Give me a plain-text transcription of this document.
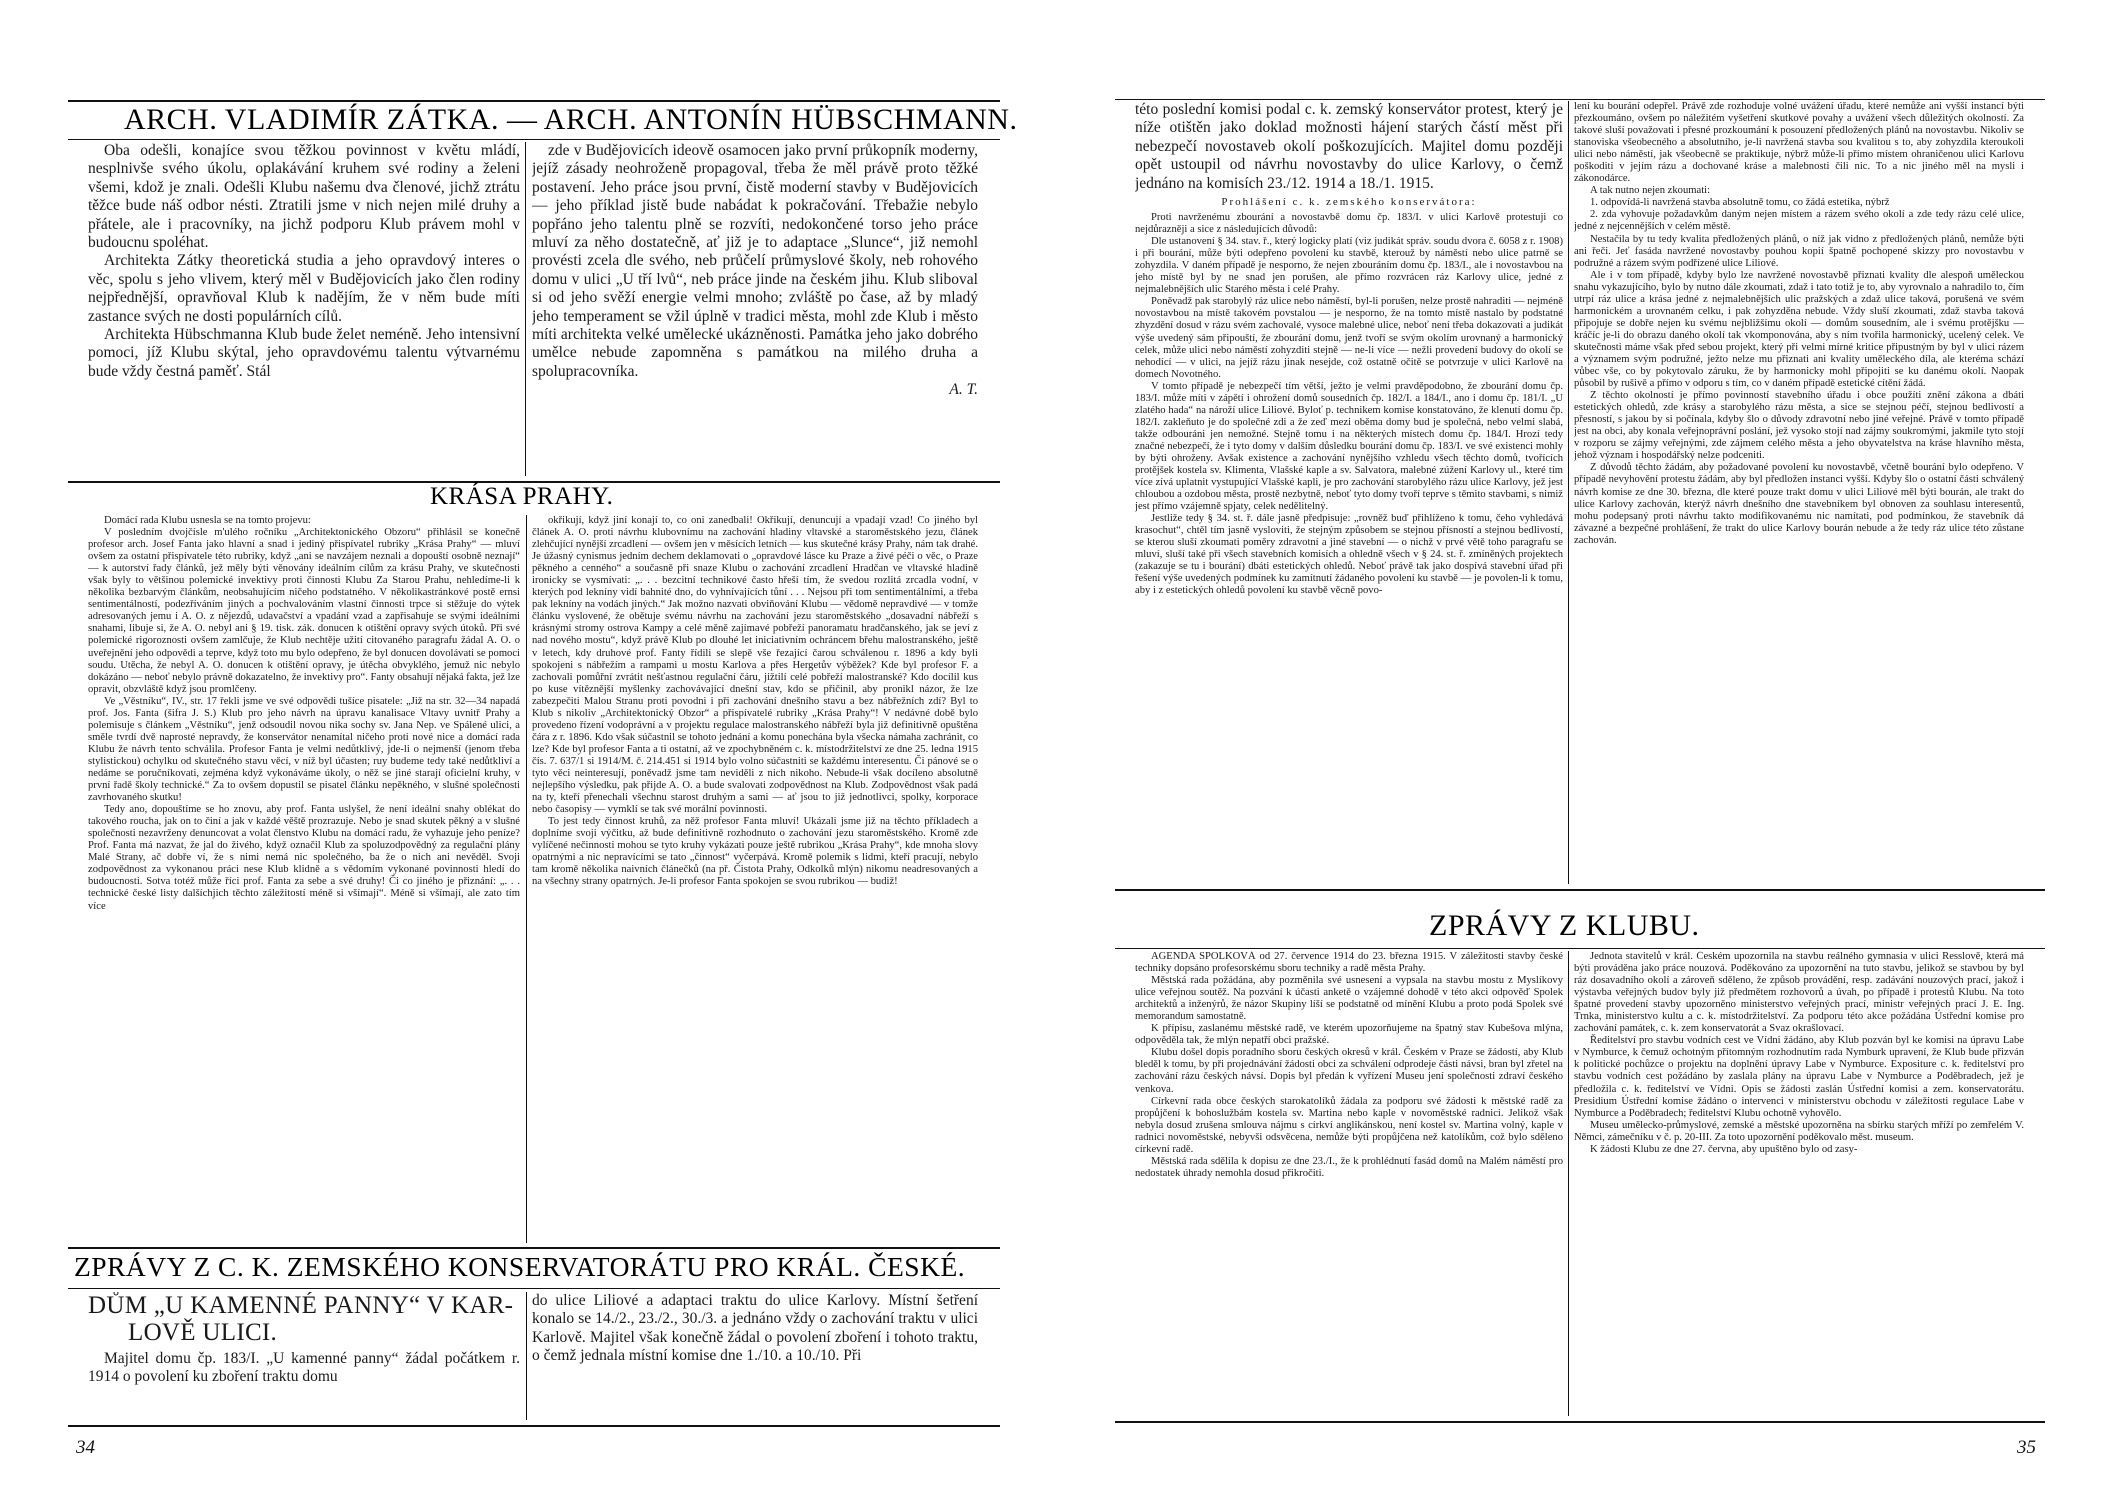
ARCH. VLADIMÍR ZÁTKA. — ARCH. ANTONÍN HÜBSCHMANN.

Oba odešli, konajíce svou těžkou povinnost v květu mládí, nesplnivše svého úkolu, oplakávání kruhem své rodiny a želeni všemi, kdož je znali. Odešli Klubu našemu dva členové, jichž ztrátu těžce bude náš odbor nésti. Ztratili jsme v nich nejen milé druhy a přátele, ale i pracovníky, na jichž podporu Klub právem mohl v budoucnu spoléhat.

Architekta Zátky theoretická studia a jeho opravdový interes o věc, spolu s jeho vlivem, který měl v Budějovicích jako člen rodiny nejpřednější, opravňoval Klub k nadějím, že v něm bude míti zastance svých ne dosti populárních cílů.

Architekta Hübschmanna Klub bude želet neméně. Jeho intensivní pomoci, jíž Klubu skýtal, jeho opravdovému talentu výtvarnému bude vždy čestná paměť. Stál

zde v Budějovicích ideově osamocen jako první průkopník moderny, jejíž zásady neohroženě propagoval, třeba že měl právě proto těžké postavení. Jeho práce jsou první, čistě moderní stavby v Budějovicích — jeho příklad jistě bude nabádat k pokračování. Třebažie nebylo popřáno jeho talentu plně se rozvíti, nedokončené torso jeho práce mluví za něho dostatečně, ať již je to adaptace „Slunce“, již nemohl provésti zcela dle svého, neb průčelí průmyslové školy, neb rohového domu v ulici „U tří lvů“, neb práce jinde na českém jihu. Klub sliboval si od jeho svěží energie velmi mnoho; zvláště po čase, až by mladý jeho temperament se vžil úplně v tradici města, mohl zde Klub i město míti architekta velké umělecké ukázněnosti. Památka jeho jako dobrého umělce nebude zapomněna s památkou na milého druha a spolupracovníka.

A. T.
KRÁSA PRAHY.

Domácí rada Klubu usnesla se na tomto projevu:

V posledním dvojčísle m'ulého ročníku „Architektonického Obzoru“ přihlásil se konečně profesor arch. Josef Fanta jako hlavní a snad i jediný přispívatel rubriky „Krása Prahy“ — mluví ovšem za ostatní přispívatele této rubriky, když „ani se navzájem neznali a dopouští osobně neznají“ — k autorství řady článků, jež měly býti věnovány ideálním cílům za krásu Prahy, ve skutečnosti však byly to většinou polemické invektivy proti činnosti Klubu Za Starou Prahu, nehledíme-li k několika bezbarvým článkům, neobsahujícím ničeho podstatného. V několikastránkové postě ernsi sentimentálností, podezříváním jiných a pochvalováním vlastní činnosti trpce si stěžuje do výtek adresovaných jemu i A. O. z nějezdů, udavačství a vpadání vzad a zapřisahuje se svými ideálními snahami, libuje si, že A. O. nebyl ani § 19. tisk. zák. donucen k otištění opravy svých útoků. Při své polemické rigoroznosti ovšem zamlčuje, že Klub nechtěje užití citovaného paragrafu žádal A. O. o uveřejnění jeho odpovědi a teprve, když toto mu bylo odepřeno, že byl donucen dovolávati se pomoci soudu. Utěcha, že nebyl A. O. donucen k otištění opravy, je útěcha obvyklého, jemuž nic nebylo dokázáno — neboť nebylo právně dokazatelno, že invektivy pro“. Fanty obsahují nějaká fakta, jež lze opravit, obzvláště když jsou promlčeny.

Ve „Věstníku“, IV., str. 17 řekli jsme ve své odpovědi tušíce pisatele: „Již na str. 32—34 napadá prof. Jos. Fanta (šifra J. S.) Klub pro jeho návrh na úpravu kanalisace Vltavy uvnitř Prahy a polemisuje s článkem „Věstníku“, jenž odsoudil novou nika sochy sv. Jana Nep. ve Spálené ulici, a směle tvrdí dvě naprosté nepravdy, že konservátor nenamítal ničeho proti nové nice a domácí rada Klubu že návrh tento schválila. Profesor Fanta je velmi nedůtklivý, jde-li o nejmenší (jenom třeba stylistickou) ochylku od skutečného stavu věcí, v níž byl účasten; ruy budeme tedy také nedůtkliví a nedáme se poručníkovati, zejména když vykonáváme úkoly, o něž se jiné starají oficielní kruhy, v první řadě školy technické.“ Za to ovšem dopustil se pisatel článku nepěkného, v slušné společnosti zavrhovaného skutku!

Tedy ano, dopouštíme se ho znovu, aby prof. Fanta uslyšel, že není ideální snahy oblékat do takového roucha, jak on to činí a jak v každé věště prozrazuje. Nebo je snad skutek pěkný a v slušné společnosti nezavrženy denuncovat a volat členstvo Klubu na domácí radu, že vyhazuje jeho peníze? Prof. Fanta má nazvat, že jal do živého, když označil Klub za spoluzodpovědný za regulační plány Malé Strany, ač dobře ví, že s nimi nemá nic společného, ba že o nich ani nevěděl. Svoji zodpovědnost za vykonanou práci nese Klub klidně a s vědomím vykonané povinnosti hledí do budoucnosti. Sotva totéž může říci prof. Fanta za sebe a své druhy! Či co jiného je přiznání: „. . . technické české listy dalšíchjich těchto záležitostí méně si všímají“. Méně si všímají, ale zato tím více

okřikují, když jiní konají to, co oni zanedbali! Okřikují, denuncují a vpadají vzad! Co jiného byl článek A. O. proti návrhu klubovnímu na zachování hladiny vltavské a staroměstského jezu, článek zlehčující nynější zrcadlení — ovšem jen v měsících letních — kus skutečné krásy Prahy, nám tak drahé. Je úžasný cynismus jedním dechem deklamovati o „opravdové lásce ku Praze a živé péči o věc, o Praze pěkného a cenného“ a současně při snaze Klubu o zachování zrcadlení Hradčan ve vltavské hladině ironicky se vysmívati: „. . . bezcitní technikové často hřeší tím, že svedou rozlitá zrcadla vodní, v kterých pod lekníny vidí bahnité dno, do vyhnívajících tůní . . . Nejsou při tom sentimentálními, a třeba pak lekníny na vodách jiných.“ Jak možno nazvati obviňování Klubu — vědomě nepravdivé — v tomže článku vyslovené, že obětuje svému návrhu na zachování jezu staroměstského „dosavadní nábřeží s krásnými stromy ostrova Kampy a celé měně zajímavé pobřeží panoramatu hradčanského, jak se jeví z nad nového mostu“, když právě Klub po dlouhé let iniciativním ochráncem břehu malostranského, ještě v letech, kdy druhové prof. Fanty řídili se slepě vše řezající čarou schválenou r. 1896 a kdy byli spokojeni s nábřežím a rampami u mostu Karlova a přes Hergetův výběžek? Kde byl profesor F. a zachovali pomůřní zvrátit nešťastnou regulační čáru, jižtilí celé pobřeží malostranské? Kdo docílil kus po kuse vítěznější myšlenky zachovávající dnešní stav, kdo se přičinil, aby pronikl názor, že lze zabezpečiti Malou Stranu proti povodni i při zachování dnešního stavu a bez nábřežních zdí? Byl to Klub s nikoliv „Architektonický Obzor“ a přispívatelé rubriky „Krása Prahy“! V nedávné době bylo provedeno řízení vodoprávní a v projektu regulace malostranského nábřeží byla již definitivně opuštěna čára z r. 1896. Kdo však súčastnil se tohoto jednání a komu ponechána byla všecka námaha zachránit, co lze? Kde byl profesor Fanta a ti ostatní, až ve zpochybněném c. k. místodržitelství ze dne 25. ledna 1915 čís. 7. 637/1 si 1914/M. č. 214.451 si 1914 bylo volno súčastniti se každému interesentu. Či pánové se o tyto věci neinteresují, poněvadž jsme tam neviděli z nich nikoho. Nebude-li však docíleno absolutně nejlepšího výsledku, pak přijde A. O. a bude svalovati zodpovědnost na Klub. Zodpovědnost však padá na ty, kteří přenechali všechnu starost druhým a sami — ať jsou to již jednotlivci, spolky, korporace nebo časopisy — vymklí se tak své morální povinnosti.

To jest tedy činnost kruhů, za něž profesor Fanta mluví! Ukázali jsme již na těchto příkladech a doplníme svoji výčitku, až bude definitivně rozhodnuto o zachování jezu staroměstského. Kromě zde vylíčené nečinnosti mohou se tyto kruhy vykázati pouze ještě rubrikou „Krása Prahy“, kde mnoha slovy opatrnými a nic nepravícími se tato „činnost“ vyčerpává. Kromě polemik s lidmi, kteří pracují, nebylo tam kromě několika naivních článečků (na př. Čistota Prahy, Odkolků mlýn) nikomu neadresovaných a na všechny strany opatrných. Je-li profesor Fanta spokojen se svou rubrikou — budiž!

ZPRÁVY Z C. K. ZEMSKÉHO KONSERVATORÁTU PRO KRÁL. ČESKÉ.
DŮM „U KAMENNÉ PANNY“ V KAR-
LOVĚ ULICI.

Majitel domu čp. 183/I. „U kamenné panny“ žádal počátkem r. 1914 o povolení ku zboření traktu domu

do ulice Liliové a adaptaci traktu do ulice Karlovy. Místní šetření konalo se 14./2., 23./2., 30./3. a jednáno vždy o zachování traktu v ulici Karlově. Majitel však konečně žádal o povolení zboření i tohoto traktu, o čemž jednala místní komise dne 1./10. a 10./10. Při

34

této poslední komisi podal c. k. zemský konservátor protest, který je níže otištěn jako doklad možnosti hájení starých částí měst při nebezpečí novostaveb okolí poškozujících. Majitel domu později opět ustoupil od návrhu novostavby do ulice Karlovy, o čemž jednáno na komisích 23./12. 1914 a 18./1. 1915.

Prohlášení c. k. zemského konservátora:

Proti navrženému zbourání a novostavbě domu čp. 183/I. v ulici Karlově protestuji co nejdůrazněji a sice z následujících důvodů:

Dle ustanovení § 34. stav. ř., který logicky platí (viz judikát správ. soudu dvora č. 6058 z r. 1908) i při bourání, může býti odepřeno povolení ku stavbě, kterouž by náměstí nebo ulice patrně se zohyzdila. V daném případě je nesporno, že nejen zbouráním domu čp. 183/I., ale i novostavbou na jeho místě byl by ne snad jen porušen, ale přímo rozvrácen ráz Karlovy ulice, jedné z nejmalebnějších ulic Starého města i celé Prahy.

Poněvadž pak starobylý ráz ulice nebo náměstí, byl-li porušen, nelze prostě nahraditi — nejméně novostavbou na místě takovém povstalou — je nesporno, že na tomto místě nastalo by podstatné zhyzdění dosud v rázu svém zachovalé, vysoce malebné ulice, neboť není třeba dokazovati a judikát výše uvedený sám připouští, že zbourání domu, jenž tvoří se svým okolím urovnaný a harmonický celek, může ulici nebo náměstí zohyzditi stejně — ne-li více — nežli provedení budovy do okolí se nehodící — v ulici, na jejíž rázu jinak nesejde, což ostatně očitě se potvrzuje v ulici Karlově na domech Novotného.

V tomto případě je nebezpečí tím větší, ježto je velmi pravděpodobno, že zbourání domu čp. 183/I. může míti v zápětí i ohrožení domů sousedních čp. 182/I. a 184/I., ano i domu čp. 181/I. „U zlatého hada“ na nároží ulice Liliové. Byloť p. technikem komise konstatováno, že klenutí domu čp. 182/I. zakleňuto je do společné zdi a že zeď mezi oběma domy bud je společná, nebo velmi slabá, takže odbouráni jen nemožné. Stejně tomu i na některých místech domu čp. 184/I. Hrozí tedy značné nebezpečí, že i tyto domy v dalším důsledku bourání domu čp. 183/I. ve své existenci mohly by býti ohroženy. Avšak existence a zachování nynějšího vzhledu všech těchto domů, tvořících protějšek kostela sv. Klimenta, Vlašské kaple a sv. Salvatora, malebné zúžení Karlovy ul., které tím více zívá uplatnit vystupující Vlašské kapli, je pro zachování starobylého rázu ulice Karlovy, jež jest chloubou a ozdobou města, prostě nezbytně, neboť tyto domy tvoří teprve s těmito stavbami, s nimiž jest přímo vzájemně spjaty, celek nedělitelný.

Jestliže tedy § 34. st. ř. dále jasně předpisuje: „rovněž buď přihlíženo k tomu, čeho vyhledává krasochut“, chtěl tím jasně vysloviti, že stejným způsobem se stejnou přísností a stejnou bedlivostí, se kterou sluší zkoumati poměry zdravotní a jiné stavební — o nichž v prvé větě toho paragrafu se mluví, sluší také při všech stavebních komisích a ohledně všech v § 24. st. ř. zmíněných projektech (zakazuje se tu i bourání) dbáti estetických ohledů. Neboť právě tak jako dospívá stavební úřad při řešení výše uvedených podmínek ku zamítnutí žádaného povolení ku stavbě — je povolen-li k tomu, aby i z estetických ohledů povolení ku stavbě věcně povo-

lení ku bourání odepřel. Právě zde rozhoduje volné uvážení úřadu, které nemůže ani vyšší instancí býti přezkoumáno, ovšem po náležitém vyšetření skutkové povahy a uvážení všech důležitých okolností. Za takové sluší považovati i přesné prozkoumání k posouzení předložených plánů na novostavbu. Nikoliv se stanoviska všeobecného a absolutního, je-li navržená stavba sou kvalitou s to, aby zohyzdila kteroukoli ulici nebo náměstí, jak všeobecně se praktikuje, nýbrž může-li přímo místem ohraničenou ulici Karlovu poškoditi v jejím rázu a dochované kráse a malebnosti čili nic. To a nic jiného měl na mysli i zákonodárce.

A tak nutno nejen zkoumati:

1. odpovídá-li navržená stavba absolutně tomu, co žádá estetika, nýbrž

2. zda vyhovuje požadavkům daným nejen místem a rázem svého okolí a zde tedy rázu celé ulice, jedné z nejcennějších v celém městě.

Nestačila by tu tedy kvalita předložených plánů, o níž jak vidno z předložených plánů, nemůže býti ani řeči. Jeť fasáda navržené novostavby pouhou kopií špatně pochopené skizzy pro novostavbu v podružné a rázem svým podřízené ulice Liliové.

Ale i v tom případě, kdyby bylo lze navržené novostavbě přiznati kvality dle alespoň uměleckou snahu vykazujícího, bylo by nutno dále zkoumati, zdaž i tato totiž je to, aby vyrovnalo a nahradilo to, čím utrpí ráz ulice a krása jedné z nejmalebnějších ulic pražských a zdaž ulice taková, porušená ve svém harmonickém a urovnaném celku, i pak zohyzděna nebude. Vždy sluší zkoumati, zdaž stavba taková připojuje se dobře nejen ku svému nejbližšímu okolí — domům sousedním, ale i svému protějšku — kráčíc je-li do obrazu daného okolí tak vkomponována, aby s ním tvořila harmonický, ucelený celek. Ve skutečnosti máme však před sebou projekt, který při velmi mírné kritice připustným by byl v ulici rázem a významem svým podružné, ježto nelze mu přiznati ani kvality uměleckého díla, ale kteréma schází vůbec vše, co by pokytovalo záruku, že by harmonicky mohl připojiti se ku danému okolí. Naopak působil by rušivě a přímo v odporu s tím, co v daném případě estetické cítění žádá.

Z těchto okolností je přímo povinností stavebního úřadu i obce použíti znění zákona a dbáti estetických ohledů, zde krásy a starobylého rázu města, a sice se stejnou péčí, stejnou bedlivostí a přesností, s jakou by si počínala, kdyby šlo o důvody zdravotní nebo jiné veřejné. Právě v tomto případě jest na obci, aby konala veřejnoprávní poslání, jež vysoko stojí nad zájmy soukromými, jakmile tyto stojí v rozporu se zájmy veřejnými, zde zájmem celého města a jeho obyvatelstva na kráse hlavního města, jehož význam i hospodářský nelze podceniti.

Z důvodů těchto žádám, aby požadované povolení ku novostavbě, včetně bourání bylo odepřeno. V případě nevyhovění protestu žádám, aby byl předložen instanci vyšší. Kdyby šlo o ostatní části schválený návrh komise ze dne 30. března, dle které pouze trakt domu v ulici Liliové měl býti bourán, ale trakt do ulice Karlovy zachován, kterýž návrh dnešního dne stavebníkem byl obnoven za souhlasu interesentů, mohu podepsaný proti návrhu takto modifikovanému nic namítati, pod podmínkou, že stavebník dá závazné a bezpečné prohlášení, že trakt do ulice Karlovy bourán nebude a že tedy ráz ulice této zůstane zachován.

ZPRÁVY Z KLUBU.

AGENDA SPOLKOVÁ od 27. července 1914 do 23. března 1915. V záležitosti stavby české techniky dopsáno profesorskému sboru techniky a radě města Prahy.

Městská rada požádána, aby pozměnila své usnesení a vypsala na stavbu mostu z Myslíkovy ulice veřejnou soutěž. Na pozvání k účasti anketě o vzájemné dohodě v této akci odpověď Spolek architektů a inženýrů, že názor Skupiny líší se podstatně od mínění Klubu a proto podá Spolek své memorandum samostatně.

K přípisu, zaslanému městské radě, ve kterém upozorňujeme na špatný stav Kubešova mlýna, odpověděla tak, že mlýn nepatří obci pražské.

Klubu došel dopis poradního sboru českých okresů v král. Českém v Praze se žádostí, aby Klub bleděl k tomu, by při projednávání žádosti obci za schválení odprodeje části návsi, bran byl zřetel na zachování rázu českých návsí. Dopis byl předán k vyřízení Museu jení společnosti zdraví českého venkova.

Církevní rada obce českých starokatolíků žádala za podporu své žádosti k městské radě za propůjčení k bohoslužbám kostela sv. Martina nebo kaple v novoměstské radnici. Jelikož však nebyla dosud zrušena smlouva nájmu s církví anglikánskou, není kostel sv. Martina volný, kaple v radnici novoměstské, nebyvši odsvěcena, nemůže býti propůjčena než katolíkům, což bylo sděleno církevní radě.

Městská rada sdělila k dopisu ze dne 23./I., že k prohlédnutí fasád domů na Malém náměstí pro nedostatek úhrady nemohla dosud přikročiti.

Jednota stavitelů v král. Českém upozornila na stavbu reálného gymnasia v ulici Resslově, která má býti prováděna jako práce nouzová. Poděkováno za upozornění na tuto stavbu, jelikož se stavbou by byl ráz dosavadního okolí a zároveň sděleno, že způsob provádění, resp. zadávání nouzových prací, jakož i výstavba veřejných budov byly již předmětem rozhovorů a úvah, po případě i protestů Klubu. Na toto špatné provedení stavby upozorněno ministerstvo veřejných prací, ministr veřejných prací J. E. Ing. Trnka, ministerstvo kultu a c. k. místodržitelství. Za podporu této akce požádána Ústřední komise pro zachování památek, c. k. zem konservatorát a Svaz okrašlovací.

Ředitelství pro stavbu vodních cest ve Vídni žádáno, aby Klub pozván byl ke komisi na úpravu Labe v Nymburce, k čemuž ochotným přítomným rozhodnutím rada Nymburk upravení, že Klub bude přizván k politické pochůzce o projektu na doplnění úpravy Labe v Nymburce. Expositure c. k. ředitelství pro stavbu vodních cest požádáno by zaslala plány na úpravu Labe v Nymburce a Poděbradech, jež je předložila c. k. ředitelství ve Vídni. Opis se žádosti zaslán Ústřední komisi a zem. konservatorátu. Presidium Ústřední komise žádáno o intervenci v ministerstvu obchodu v záležitosti regulace Labe v Nymburce a Poděbradech; ředitelství Klubu ochotně vyhovělo.

Museu umělecko-průmyslové, zemské a městské upozorněna na sbírku starých mříží po zemřelém V. Němci, zámečníku v č. p. 20-III. Za toto upozornění poděkovalo měst. museum.

K žádosti Klubu ze dne 27. června, aby upuštěno bylo od zasy-

35
